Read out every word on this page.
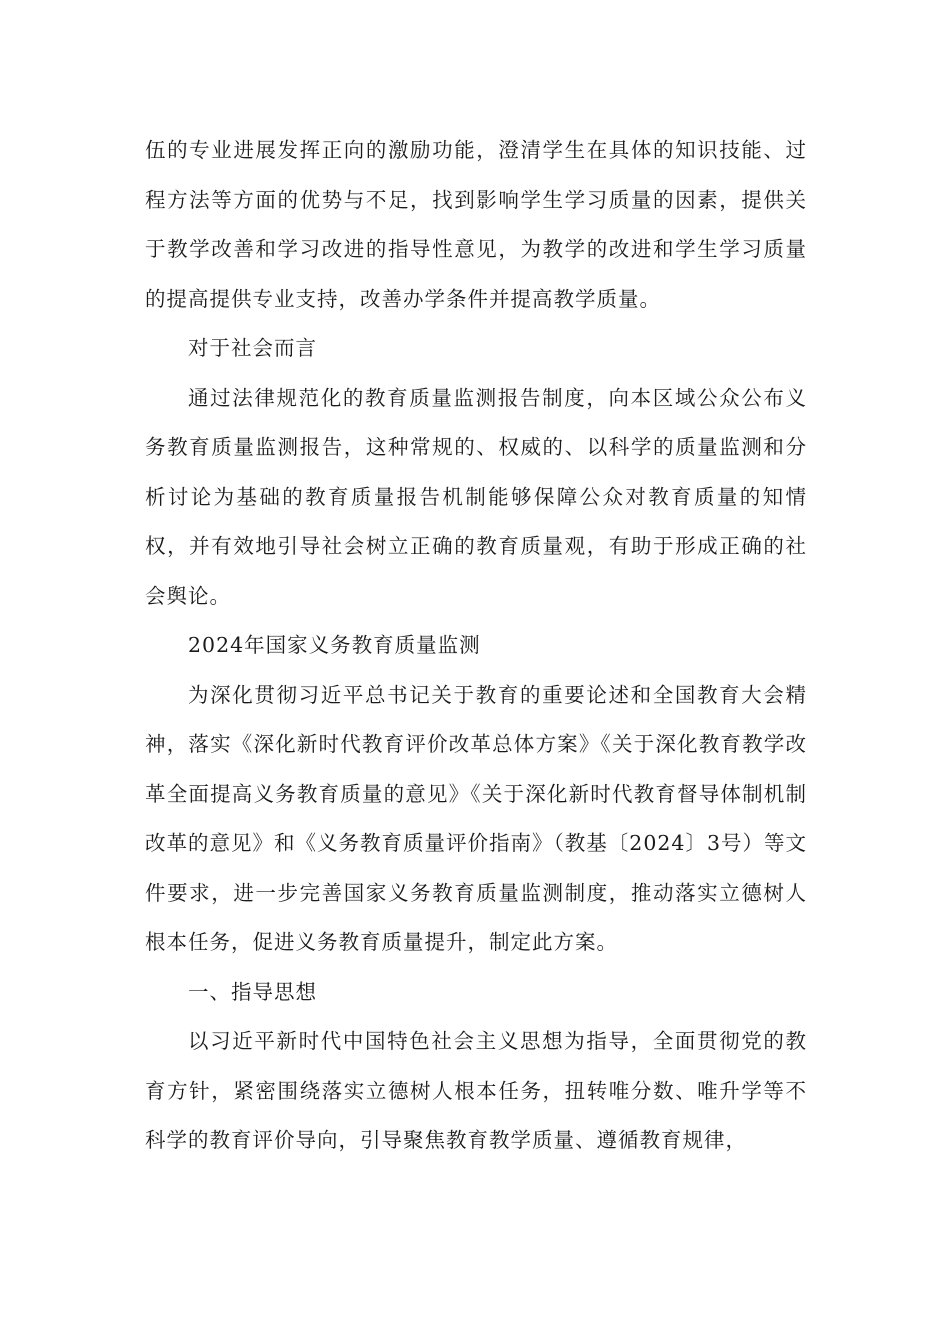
伍的专业进展发挥正向的激励功能，澄清学生在具体的知识技能、过程方法等方面的优势与不足，找到影响学生学习质量的因素，提供关于教学改善和学习改进的指导性意见，为教学的改进和学生学习质量的提高提供专业支持，改善办学条件并提高教学质量。

对于社会而言

通过法律规范化的教育质量监测报告制度，向本区域公众公布义务教育质量监测报告，这种常规的、权威的、以科学的质量监测和分析讨论为基础的教育质量报告机制能够保障公众对教育质量的知情权，并有效地引导社会树立正确的教育质量观，有助于形成正确的社会舆论。

2024年国家义务教育质量监测

为深化贯彻习近平总书记关于教育的重要论述和全国教育大会精神，落实《深化新时代教育评价改革总体方案》《关于深化教育教学改革全面提高义务教育质量的意见》《关于深化新时代教育督导体制机制改革的意见》和《义务教育质量评价指南》（教基〔2024〕3号）等文件要求，进一步完善国家义务教育质量监测制度，推动落实立德树人根本任务，促进义务教育质量提升，制定此方案。

一、指导思想

以习近平新时代中国特色社会主义思想为指导，全面贯彻党的教育方针，紧密围绕落实立德树人根本任务，扭转唯分数、唯升学等不科学的教育评价导向，引导聚焦教育教学质量、遵循教育规律，
